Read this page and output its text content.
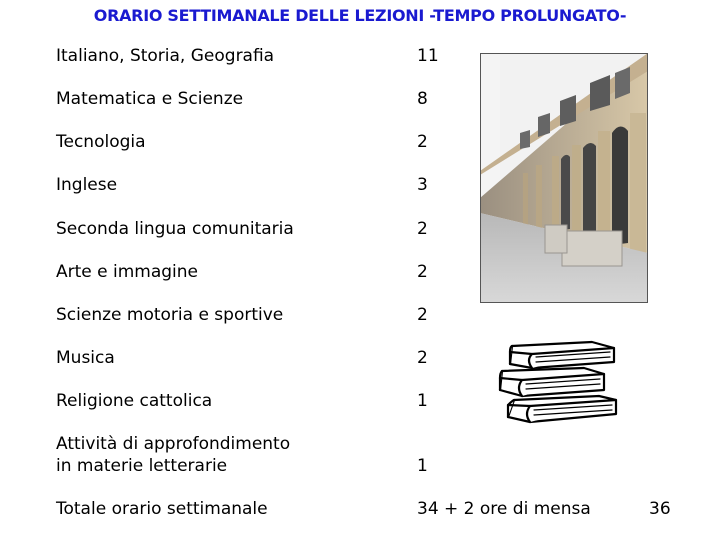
ORARIO SETTIMANALE DELLE LEZIONI -TEMPO PROLUNGATO-
Italiano, Storia, Geografia	11
Matematica e Scienze	8
Tecnologia	2
Inglese	3
Seconda lingua comunitaria	2
Arte e immagine	2
Scienze motoria e sportive	2
Musica	2
Religione cattolica	1
Attività di approfondimento
in materie letterarie	1
Totale orario settimanale	34 + 2 ore di mensa	36
